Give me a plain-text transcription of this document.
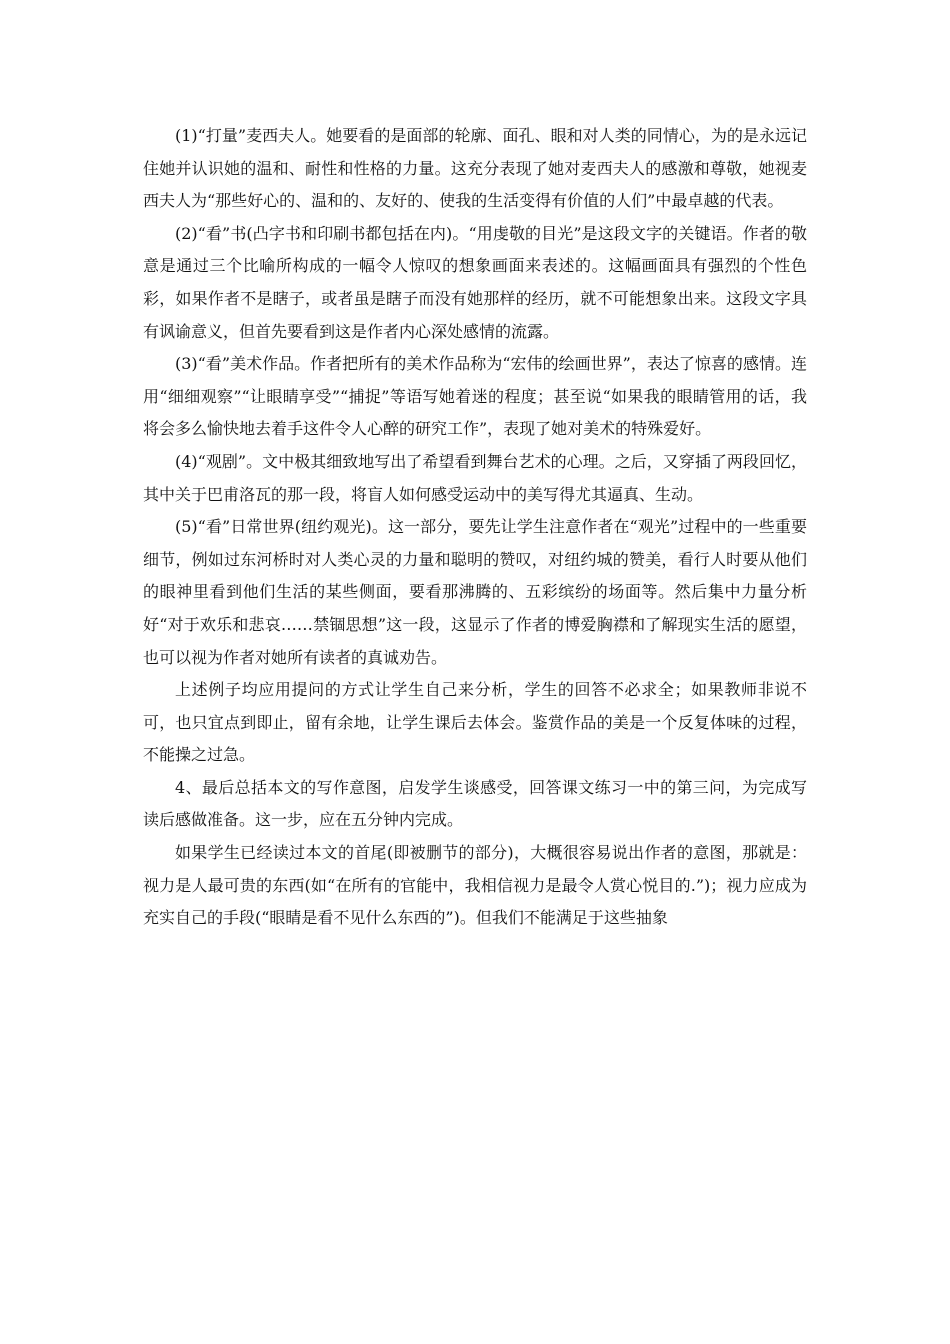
(1)“打量”麦西夫人。她要看的是面部的轮廓、面孔、眼和对人类的同情心，为的是永远记住她并认识她的温和、耐性和性格的力量。这充分表现了她对麦西夫人的感激和尊敬，她视麦西夫人为“那些好心的、温和的、友好的、使我的生活变得有价值的人们”中最卓越的代表。

(2)“看”书(凸字书和印刷书都包括在内)。“用虔敬的目光”是这段文字的关键语。作者的敬意是通过三个比喻所构成的一幅令人惊叹的想象画面来表述的。这幅画面具有强烈的个性色彩，如果作者不是瞎子，或者虽是瞎子而没有她那样的经历，就不可能想象出来。这段文字具有讽谕意义，但首先要看到这是作者内心深处感情的流露。

(3)“看”美术作品。作者把所有的美术作品称为“宏伟的绘画世界”，表达了惊喜的感情。连用“细细观察”“让眼睛享受”“捕捉”等语写她着迷的程度；甚至说“如果我的眼睛管用的话，我将会多么愉快地去着手这件令人心醉的研究工作”，表现了她对美术的特殊爱好。

(4)“观剧”。文中极其细致地写出了希望看到舞台艺术的心理。之后，又穿插了两段回忆，其中关于巴甫洛瓦的那一段，将盲人如何感受运动中的美写得尤其逼真、生动。

(5)“看”日常世界(纽约观光)。这一部分，要先让学生注意作者在“观光”过程中的一些重要细节，例如过东河桥时对人类心灵的力量和聪明的赞叹，对纽约城的赞美，看行人时要从他们的眼神里看到他们生活的某些侧面，要看那沸腾的、五彩缤纷的场面等。然后集中力量分析好“对于欢乐和悲哀……禁锢思想”这一段，这显示了作者的博爱胸襟和了解现实生活的愿望，也可以视为作者对她所有读者的真诚劝告。

上述例子均应用提问的方式让学生自己来分析，学生的回答不必求全；如果教师非说不可，也只宜点到即止，留有余地，让学生课后去体会。鉴赏作品的美是一个反复体味的过程，不能操之过急。

4、最后总括本文的写作意图，启发学生谈感受，回答课文练习一中的第三问，为完成写读后感做准备。这一步，应在五分钟内完成。

如果学生已经读过本文的首尾(即被删节的部分)，大概很容易说出作者的意图，那就是：视力是人最可贵的东西(如“在所有的官能中，我相信视力是最令人赏心悦目的.”)；视力应成为充实自己的手段(“眼睛是看不见什么东西的”)。但我们不能满足于这些抽象
